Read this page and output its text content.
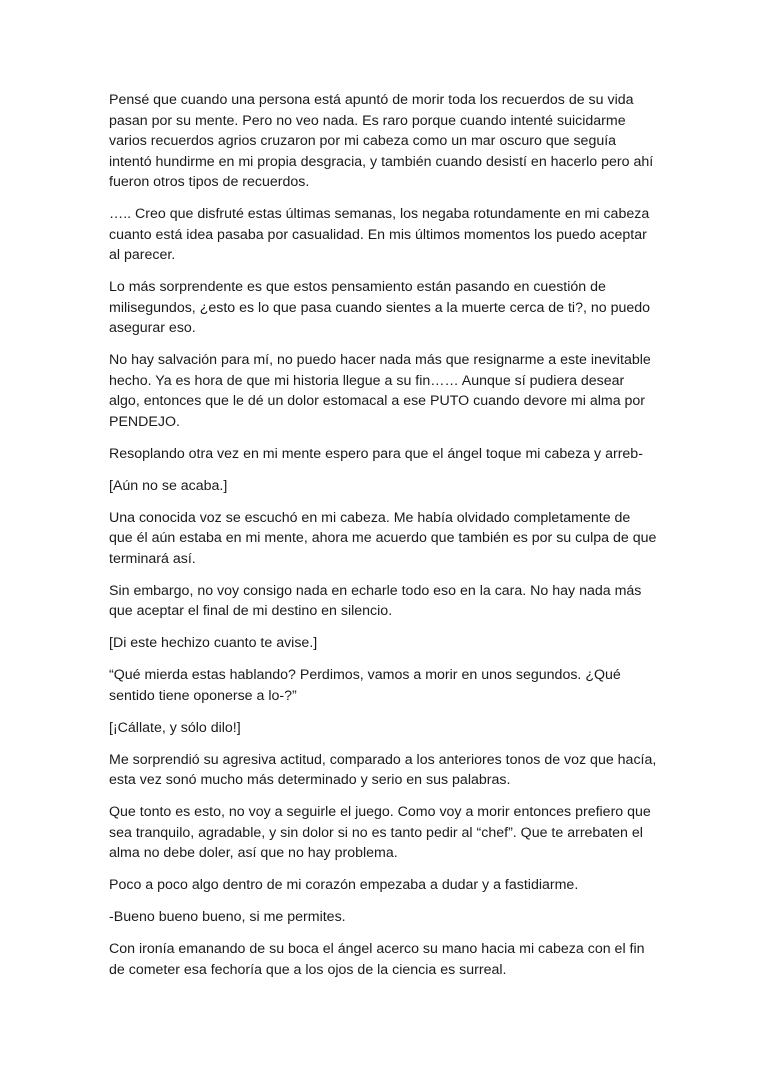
Pensé que cuando una persona está apuntó de morir toda los recuerdos de su vida pasan por su mente. Pero no veo nada. Es raro porque cuando intenté suicidarme varios recuerdos agrios cruzaron por mi cabeza como un mar oscuro que seguía intentó hundirme en mi propia desgracia, y también cuando desistí en hacerlo pero ahí fueron otros tipos de recuerdos.

….. Creo que disfruté estas últimas semanas, los negaba rotundamente en mi cabeza cuanto está idea pasaba por casualidad. En mis últimos momentos los puedo aceptar al parecer.

Lo más sorprendente es que estos pensamiento están pasando en cuestión de milisegundos, ¿esto es lo que pasa cuando sientes a la muerte cerca de ti?, no puedo asegurar eso.

No hay salvación para mí, no puedo hacer nada más que resignarme a este inevitable hecho. Ya es hora de que mi historia llegue a su fin…… Aunque sí pudiera desear algo, entonces que le dé un dolor estomacal a ese PUTO cuando devore mi alma por PENDEJO.

Resoplando otra vez en mi mente espero para que el ángel toque mi cabeza y arreb-

[Aún no se acaba.]

Una conocida voz se escuchó en mi cabeza. Me había olvidado completamente de que él aún estaba en mi mente, ahora me acuerdo que también es por su culpa de que terminará así.

Sin embargo, no voy consigo nada en echarle todo eso en la cara. No hay nada más que aceptar el final de mi destino en silencio.

[Di este hechizo cuanto te avise.]

“Qué mierda estas hablando? Perdimos, vamos a morir en unos segundos. ¿Qué sentido tiene oponerse a lo-?”

[¡Cállate, y sólo dilo!]

Me sorprendió su agresiva actitud, comparado a los anteriores tonos de voz que hacía, esta vez sonó mucho más determinado y serio en sus palabras.

Que tonto es esto, no voy a seguirle el juego. Como voy a morir entonces prefiero que sea tranquilo, agradable, y sin dolor si no es tanto pedir al “chef”. Que te arrebaten el alma no debe doler, así que no hay problema.

Poco a poco algo dentro de mi corazón empezaba a dudar y a fastidiarme.

-Bueno bueno bueno, si me permites.

Con ironía emanando de su boca el ángel acerco su mano hacia mi cabeza con el fin de cometer esa fechoría que a los ojos de la ciencia es surreal.
